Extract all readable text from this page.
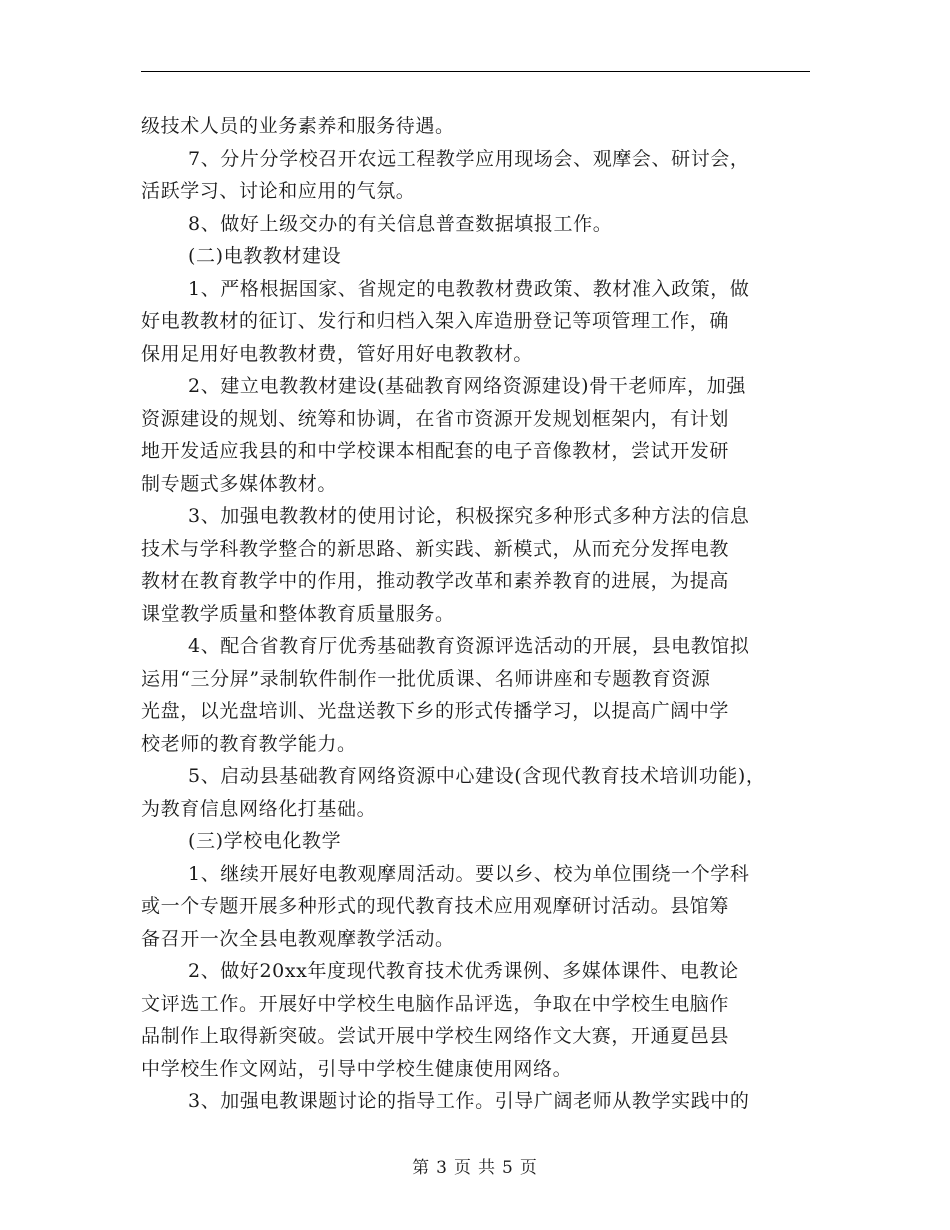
级技术人员的业务素养和服务待遇。
7、分片分学校召开农远工程教学应用现场会、观摩会、研讨会，
活跃学习、讨论和应用的气氛。
8、做好上级交办的有关信息普查数据填报工作。
(二)电教教材建设
1、严格根据国家、省规定的电教教材费政策、教材准入政策，做
好电教教材的征订、发行和归档入架入库造册登记等项管理工作，确
保用足用好电教教材费，管好用好电教教材。
2、建立电教教材建设(基础教育网络资源建设)骨干老师库，加强
资源建设的规划、统筹和协调，在省市资源开发规划框架内，有计划
地开发适应我县的和中学校课本相配套的电子音像教材，尝试开发研
制专题式多媒体教材。
3、加强电教教材的使用讨论，积极探究多种形式多种方法的信息
技术与学科教学整合的新思路、新实践、新模式，从而充分发挥电教
教材在教育教学中的作用，推动教学改革和素养教育的进展，为提高
课堂教学质量和整体教育质量服务。
4、配合省教育厅优秀基础教育资源评选活动的开展，县电教馆拟
运用“三分屏”录制软件制作一批优质课、名师讲座和专题教育资源
光盘，以光盘培训、光盘送教下乡的形式传播学习，以提高广阔中学
校老师的教育教学能力。
5、启动县基础教育网络资源中心建设(含现代教育技术培训功能)，
为教育信息网络化打基础。
(三)学校电化教学
1、继续开展好电教观摩周活动。要以乡、校为单位围绕一个学科
或一个专题开展多种形式的现代教育技术应用观摩研讨活动。县馆筹
备召开一次全县电教观摩教学活动。
2、做好20xx年度现代教育技术优秀课例、多媒体课件、电教论
文评选工作。开展好中学校生电脑作品评选，争取在中学校生电脑作
品制作上取得新突破。尝试开展中学校生网络作文大赛，开通夏邑县
中学校生作文网站，引导中学校生健康使用网络。
3、加强电教课题讨论的指导工作。引导广阔老师从教学实践中的
第 3 页 共 5 页
